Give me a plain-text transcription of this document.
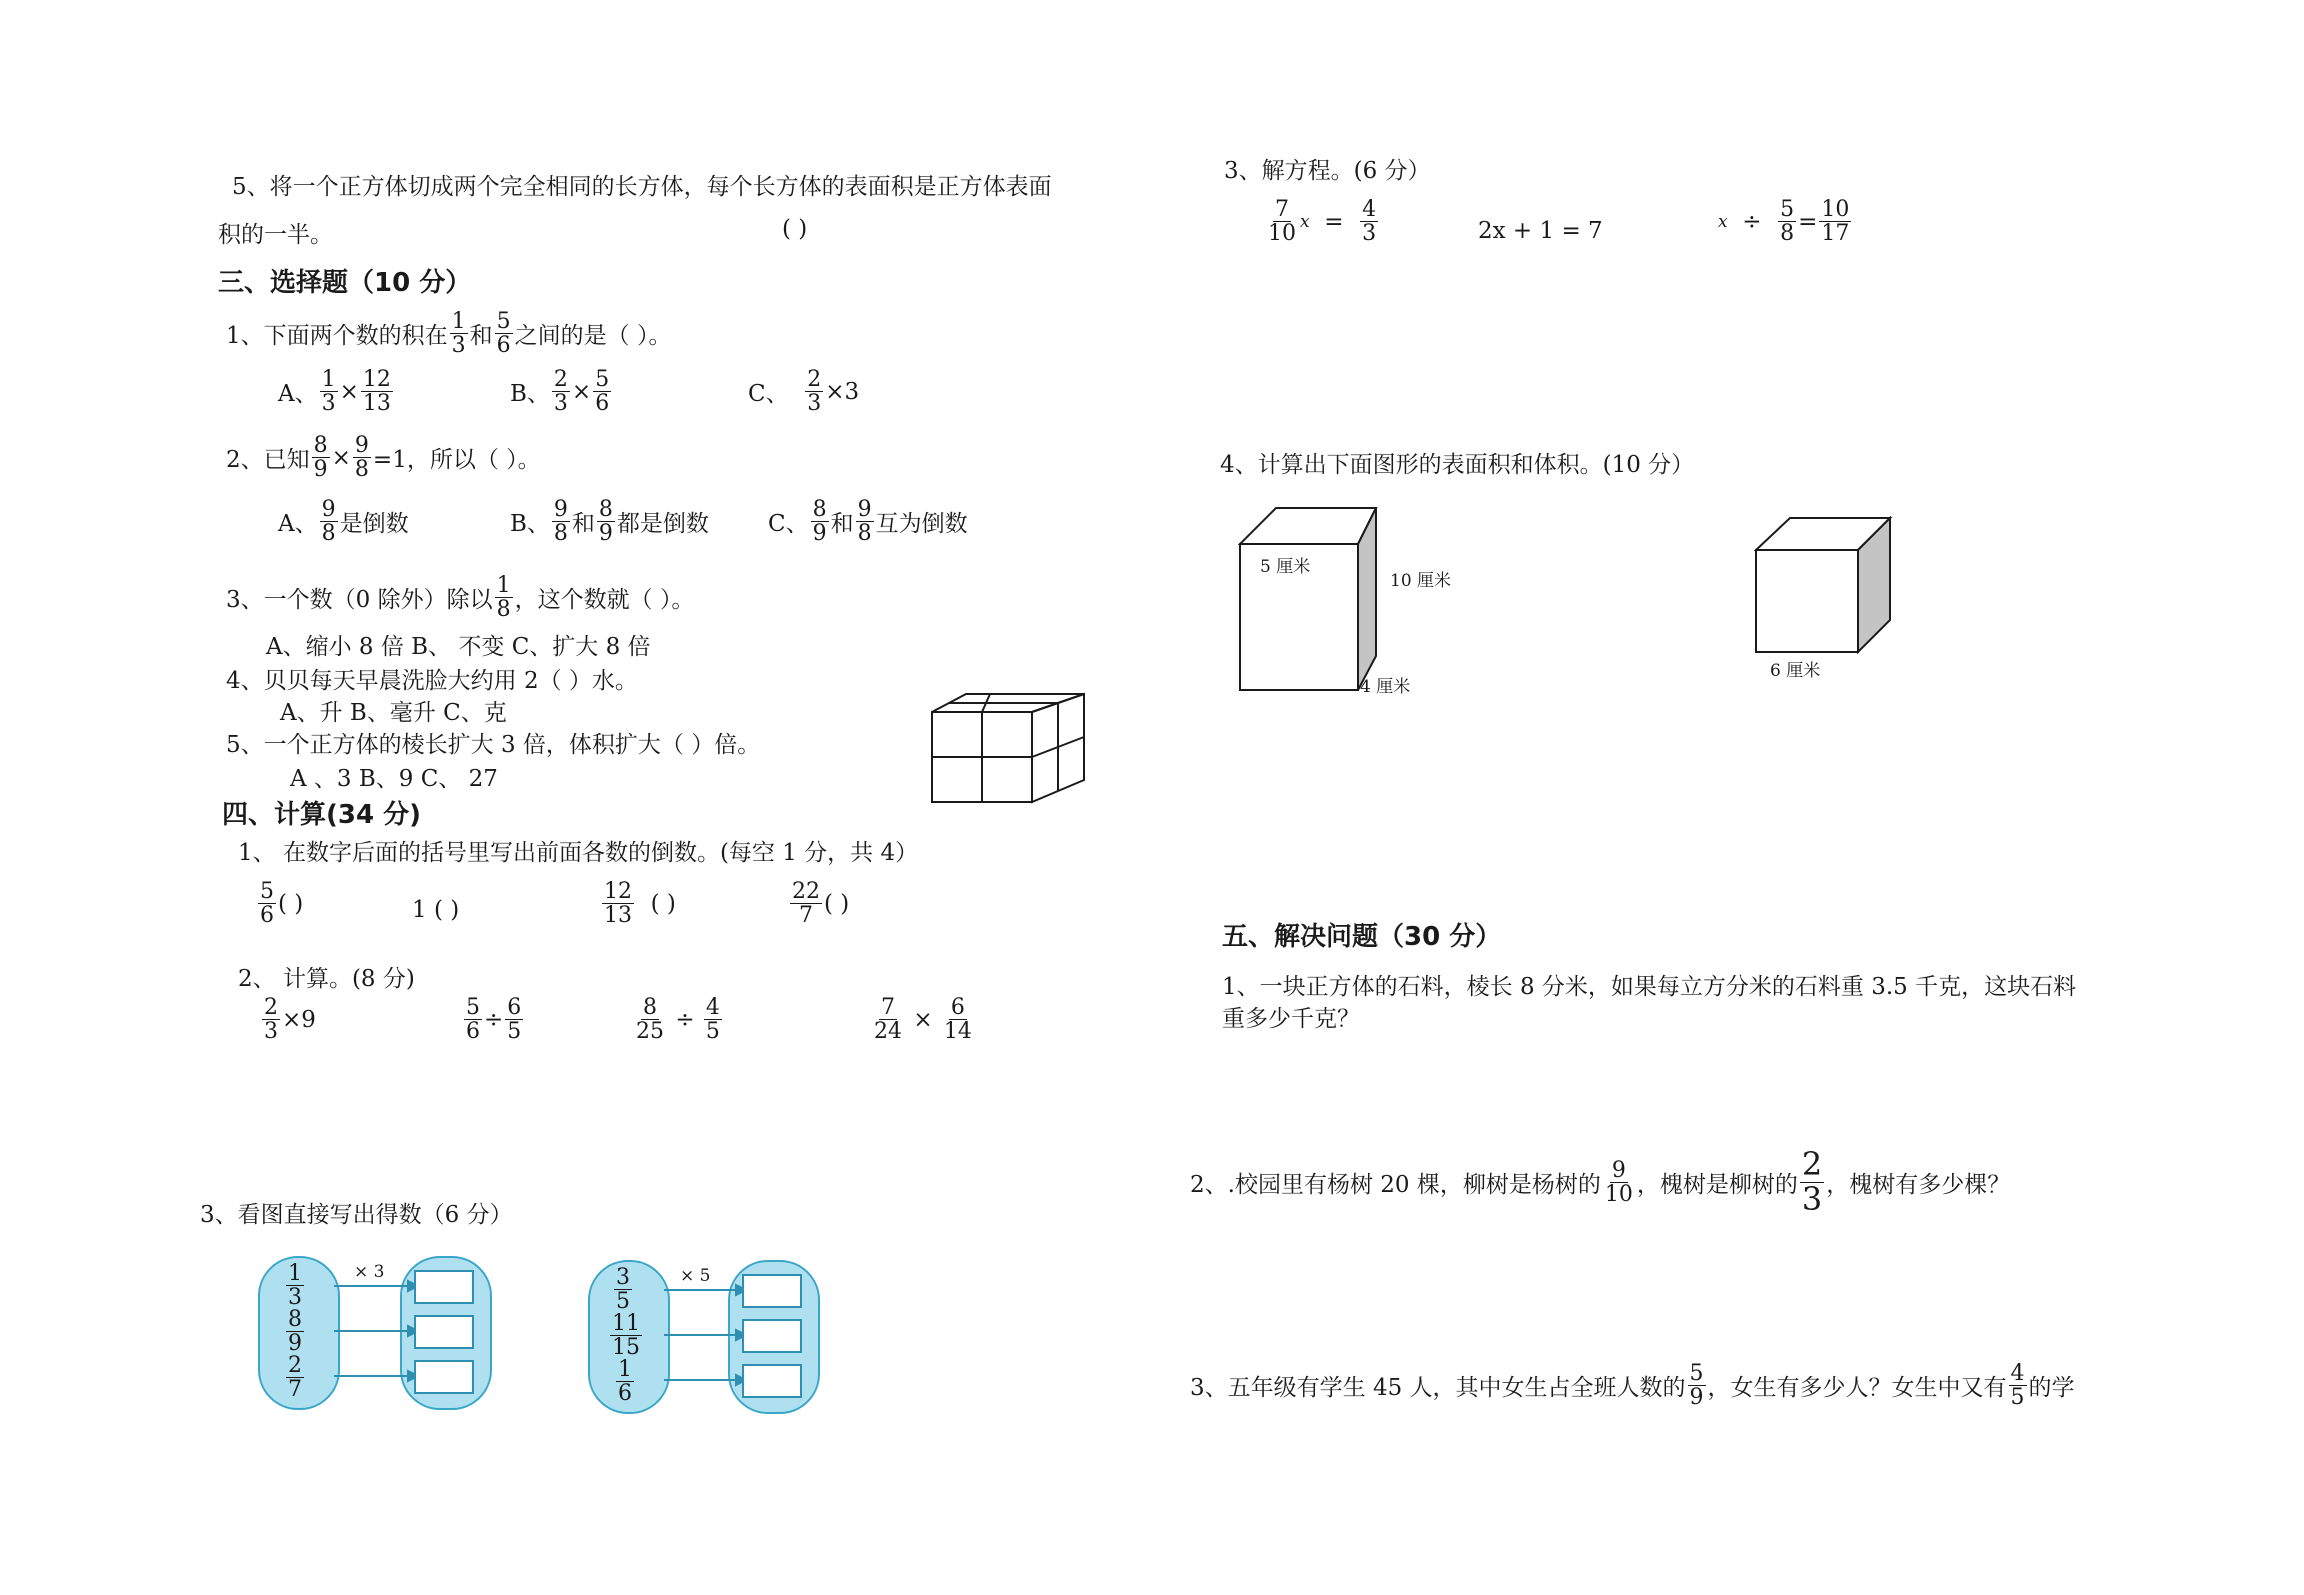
5、将一个正方体切成两个完全相同的长方体，每个长方体的表面积是正方体表面
积的一半。	( )
三、选择题（10 分）
1、下面两个数的积在 $\frac{1}{3}$ 和 $\frac{5}{6}$ 之间的是（ ）。
A、 $\frac{1}{3} \times \frac{12}{13}$	B、 $\frac{2}{3} \times \frac{5}{6}$	C、 $\frac{2}{3} \times 3$
2、已知 $\frac{8}{9} \times \frac{9}{8} =1$，所以（ ）。
A、 $\frac{9}{8}$ 是倒数	B、 $\frac{9}{8}$ 和 $\frac{8}{9}$ 都是倒数	C、 $\frac{8}{9}$ 和 $\frac{9}{8}$ 互为倒数
3、一个数（0 除外）除以 $\frac{1}{8}$ ，这个数就（ ）。
A、缩小 8 倍 B、 不变 C、扩大 8 倍
4、贝贝每天早晨洗脸大约用 2（ ）水。
A、升 B、毫升 C、克
5、一个正方体的棱长扩大 3 倍，体积扩大（ ）倍。
A 、3 B、9 C、 27
四、计算(34 分)
1、 在数字后面的括号里写出前面各数的倒数。(每空 1 分，共 4）
$\frac{5}{6}$ ( )	1 ( )	$\frac{12}{13}$ ( )	$\frac{22}{7}$ ( )
2、 计算。(8 分)
$\frac{2}{3} \times 9$	$\frac{5}{6} \div \frac{6}{5}$	$\frac{8}{25} \div \frac{4}{5}$	$\frac{7}{24} \times \frac{6}{14}$
3、看图直接写出得数（6 分）
× 3
$\frac{1}{3}$
$\frac{8}{9}$
$\frac{2}{7}$
× 5
$\frac{3}{5}$
$\frac{11}{15}$
$\frac{1}{6}$
3、解方程。(6 分）
$\frac{7}{10}$ $x = \frac{4}{3}$	2x + 1 = 7	$x \div \frac{5}{8} = \frac{10}{17}$
4、计算出下面图形的表面积和体积。(10 分）
5 厘米
10 厘米
4 厘米
6 厘米
五、解决问题（30 分）
1、一块正方体的石料，棱长 8 分米，如果每立方分米的石料重 3.5 千克，这块石料
重多少千克？
2、.校园里有杨树 20 棵，柳树是杨树的 $\frac{9}{10}$ ，槐树是柳树的 $\frac{2}{3}$ ，槐树有多少棵？
3、五年级有学生 45 人，其中女生占全班人数的 $\frac{5}{9}$ ，女生有多少人？女生中又有 $\frac{4}{5}$ 的学
